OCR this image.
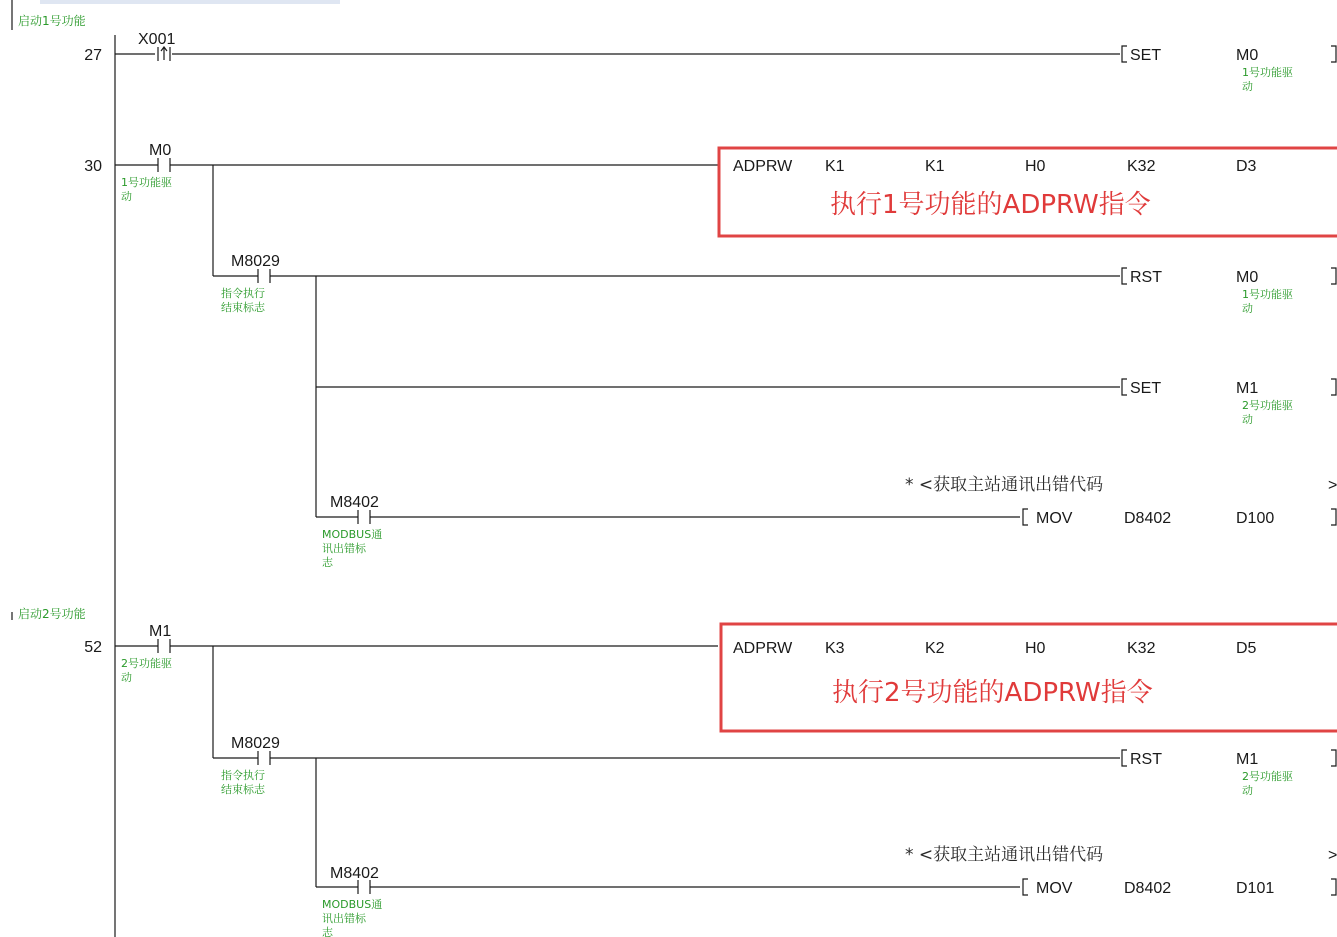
启动1号功能
启动2号功能
27
30
52
X001
SET	M0
1号功能驱
动
M0
1号功能驱
动
ADPRW K1	K1	H0	K32	D3
执行1号功能的ADPRW指令
M8029
指令执行
结束标志
RST	M0
1号功能驱
动
SET	M1
2号功能驱
动
* <获取主站通讯出错代码	>
M8402
MODBUS通
讯出错标
志
MOV	D8402	D100
M1
2号功能驱
动
ADPRW K3	K2	H0	K32	D5
执行2号功能的ADPRW指令
M8029
指令执行
结束标志
RST	M1
2号功能驱
动
* <获取主站通讯出错代码	>
M8402
MODBUS通
讯出错标
志
MOV	D8402	D101
